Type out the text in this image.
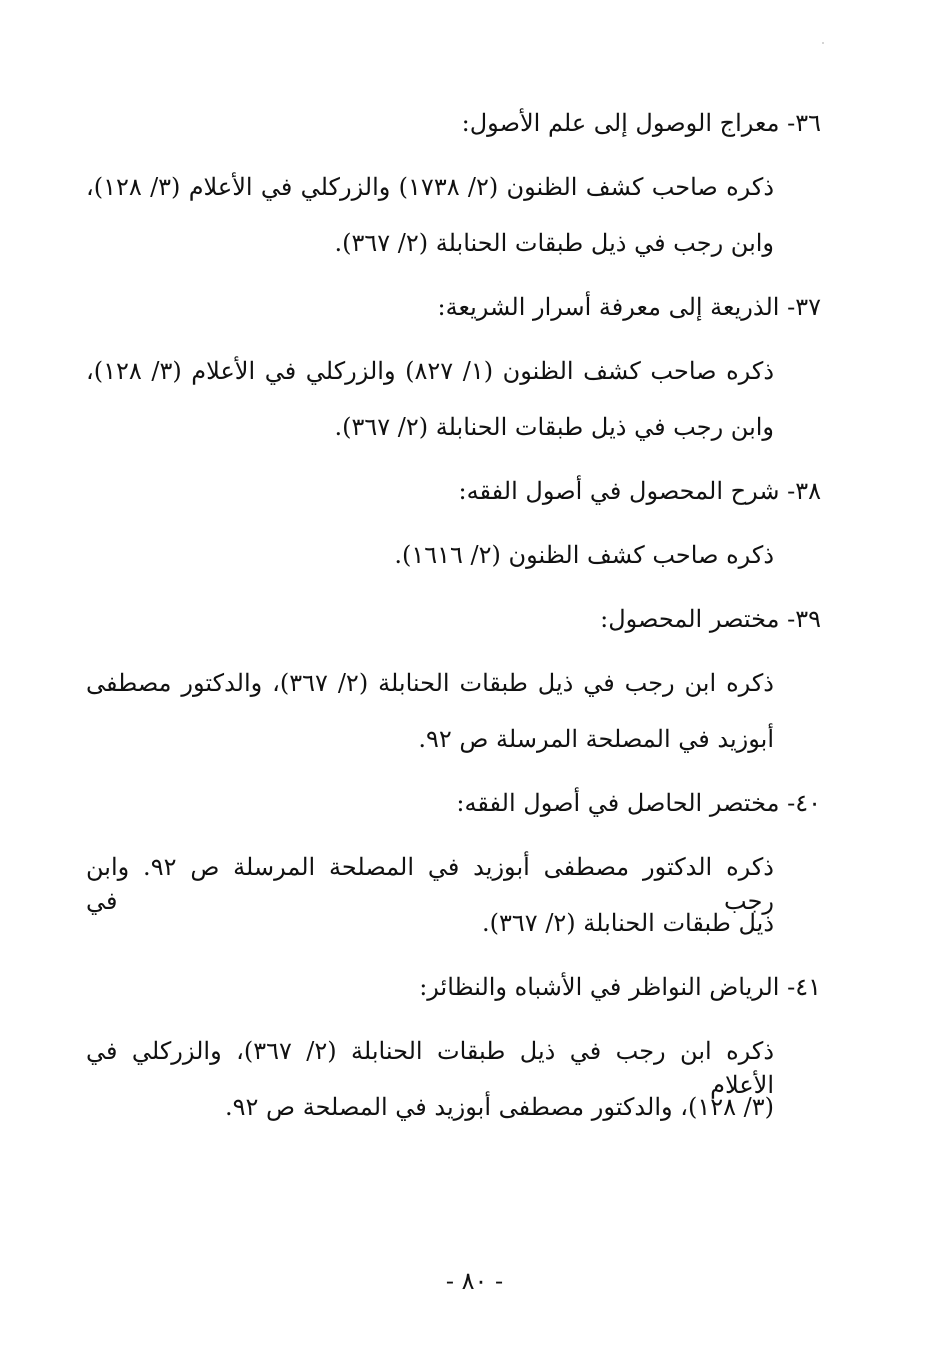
٣٦- معراج الوصول إلى علم الأصول:
ذكره صاحب كشف الظنون (٢/ ١٧٣٨) والزركلي في الأعلام (٣/ ١٢٨)،
وابن رجب في ذيل طبقات الحنابلة (٢/ ٣٦٧).
٣٧- الذريعة إلى معرفة أسرار الشريعة:
ذكره صاحب كشف الظنون (١/ ٨٢٧) والزركلي في الأعلام (٣/ ١٢٨)،
وابن رجب في ذيل طبقات الحنابلة (٢/ ٣٦٧).
٣٨- شرح المحصول في أصول الفقه:
ذكره صاحب كشف الظنون (٢/ ١٦١٦).
٣٩- مختصر المحصول:
ذكره ابن رجب في ذيل طبقات الحنابلة (٢/ ٣٦٧)، والدكتور مصطفى
أبوزيد في المصلحة المرسلة ص ٩٢.
٤٠- مختصر الحاصل في أصول الفقه:
ذكره الدكتور مصطفى أبوزيد في المصلحة المرسلة ص ٩٢. وابن رجب في
ذيل طبقات الحنابلة (٢/ ٣٦٧).
٤١- الرياض النواظر في الأشباه والنظائر:
ذكره ابن رجب في ذيل طبقات الحنابلة (٢/ ٣٦٧)، والزركلي في الأعلام
(٣/ ١٢٨)، والدكتور مصطفى أبوزيد في المصلحة ص ٩٢.
- ٨٠ -
